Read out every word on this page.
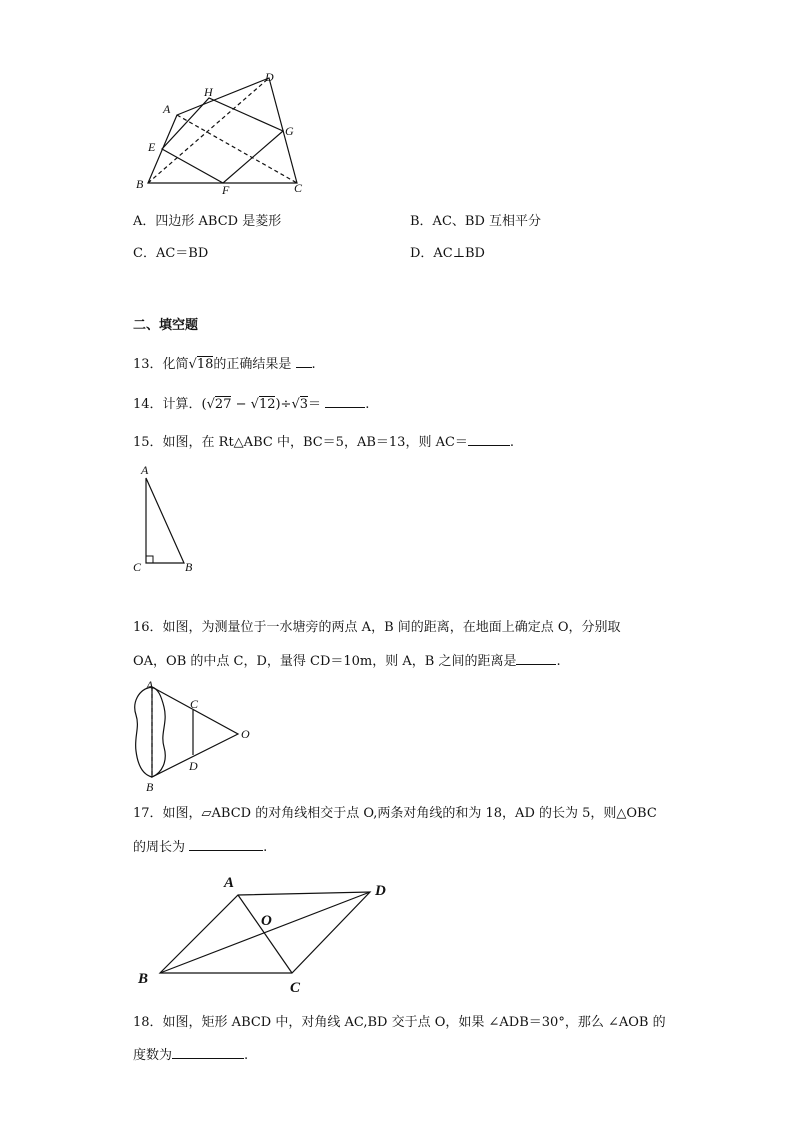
A
H
D
G
E
B	F	C
A．四边形 ABCD 是菱形	B．AC、BD 互相平分
C．AC＝BD	D．AC⊥BD
二、填空题
13．化简√18的正确结果是 .
14．计算．(√27 − √12)÷√3＝	.
15．如图，在 Rt△ABC 中，BC＝5，AB＝13，则 AC＝	.
A
C	B
16．如图，为测量位于一水塘旁的两点 A，B 间的距离，在地面上确定点 O，分别取
OA，OB 的中点 C，D，量得 CD＝10m，则 A，B 之间的距离是	.
A
C
O
D
B
17．如图，▱ABCD 的对角线相交于点 O,两条对角线的和为 18，AD 的长为 5，则△OBC
的周长为	.
A	D
O
B
C
18．如图，矩形 ABCD 中，对角线 AC,BD 交于点 O，如果 ∠ADB＝30°，那么 ∠AOB 的
度数为	.
